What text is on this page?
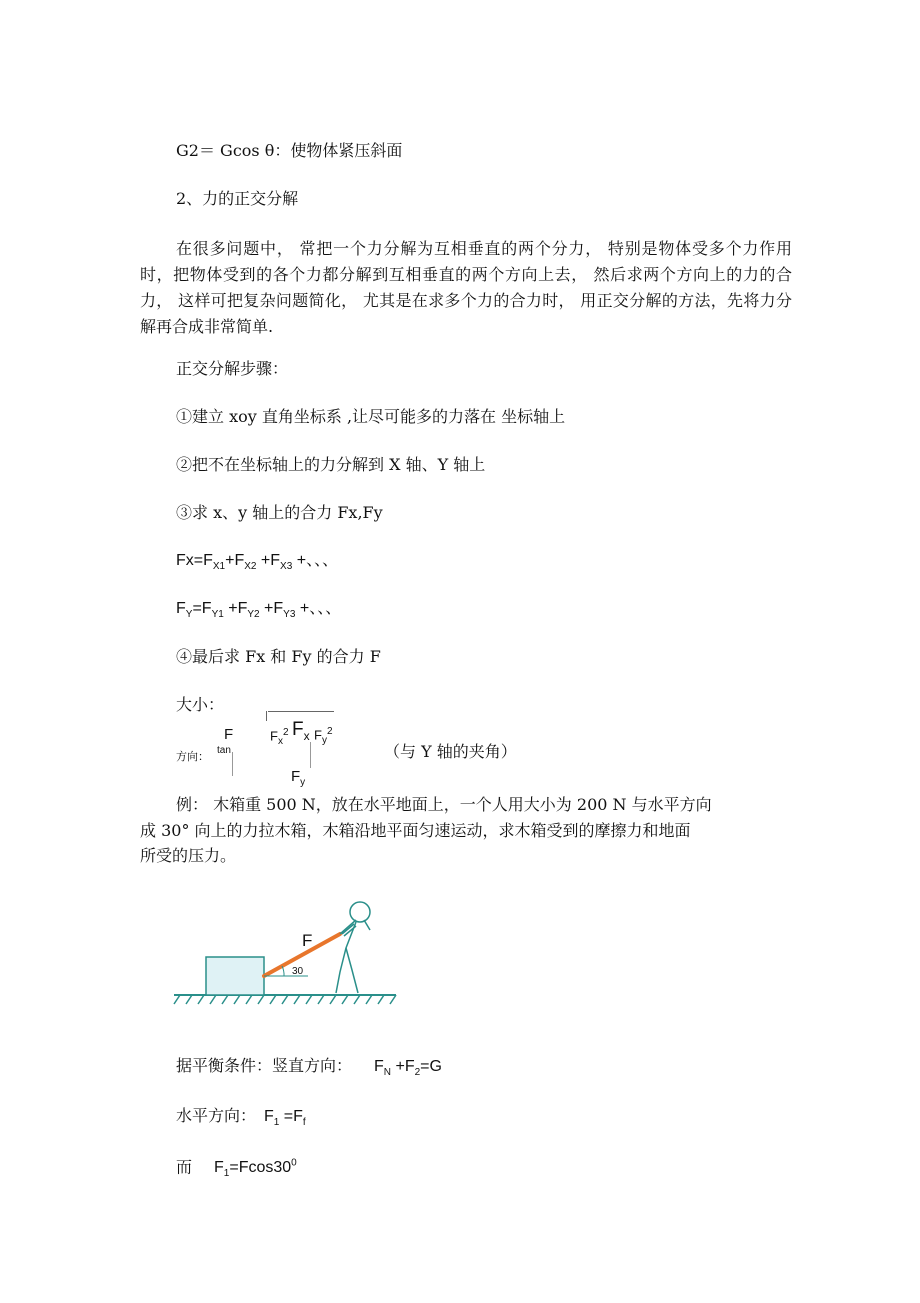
G2＝ Gcos θ：使物体紧压斜面
2、力的正交分解
在很多问题中， 常把一个力分解为互相垂直的两个分力， 特别是物体受多个力作用时，把物体受到的各个力都分解到互相垂直的两个方向上去， 然后求两个方向上的力的合力， 这样可把复杂问题简化， 尤其是在求多个力的合力时， 用正交分解的方法，先将力分解再合成非常简单.
正交分解步骤：
①建立 xoy 直角坐标系 ,让尽可能多的力落在 坐标轴上
②把不在坐标轴上的力分解到 X 轴、Y 轴上
③求 x、y 轴上的合力 Fx,Fy
$Fx=F_{X1}+F_{X2} +F_{X3}$ +、、、
$F_Y=F_{Y1} +F_{Y2} +F_{Y3}$ +、、、
④最后求 Fx 和 Fy 的合力 F
大小：
F
tan
方向：
$F_x^2$ $F_x$ $F_y^2$
$F_y$
（与 Y 轴的夹角）
例： 木箱重 500 N，放在水平地面上，一个人用大小为 200 N 与水平方向
成 30° 向上的力拉木箱，木箱沿地平面匀速运动，求木箱受到的摩擦力和地面
所受的压力。
F
30
据平衡条件：竖直方向： $F_N +F_2=G$
水平方向： $F_1 =F_f$
而 $F_1=Fcos30^0$
